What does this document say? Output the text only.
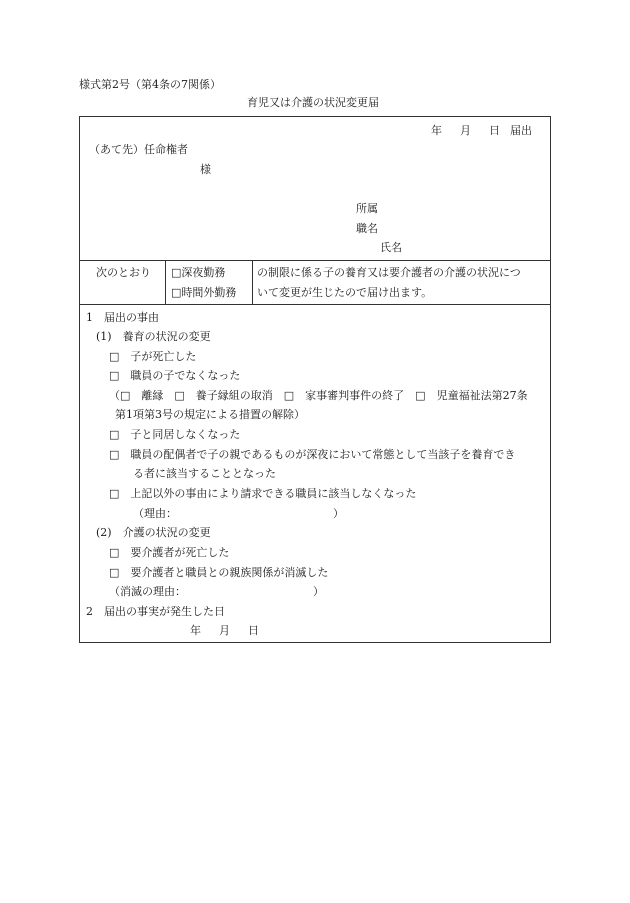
様式第2号（第4条の7関係）
育児又は介護の状況変更届
年 月 日 届出
（あて先）任命権者
様
所属
職名
氏名
次のとおり □深夜勤務
□時間外勤務
の制限に係る子の養育又は要介護者の介護の状況につ
いて変更が生じたので届け出ます。
1　届出の事由
(1)　養育の状況の変更
□　子が死亡した
□　職員の子でなくなった
（□　離縁　□　養子縁組の取消　□　家事審判事件の終了　□　児童福祉法第27条
第1項第3号の規定による措置の解除）
□　子と同居しなくなった
□　職員の配偶者で子の親であるものが深夜において常態として当該子を養育でき
る者に該当することとなった
□　上記以外の事由により請求できる職員に該当しなくなった
（理由：	）
(2)　介護の状況の変更
□　要介護者が死亡した
□　要介護者と職員との親族関係が消滅した
（消滅の理由：	）
2　届出の事実が発生した日
年 月 日
